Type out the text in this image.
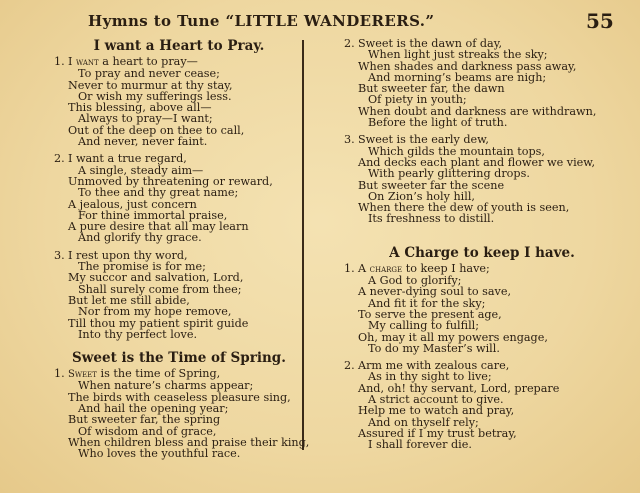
Hymns to Tune “LITTLE WANDERERS.”	55
I want a Heart to Pray.
1. I want a heart to pray—
To pray and never cease;
Never to murmur at thy stay,
Or wish my sufferings less.
This blessing, above all—
Always to pray—I want;
Out of the deep on thee to call,
And never, never faint.
2. I want a true regard,
A single, steady aim—
Unmoved by threatening or reward,
To thee and thy great name;
A jealous, just concern
For thine immortal praise,
A pure desire that all may learn
And glorify thy grace.
3. I rest upon thy word,
The promise is for me;
My succor and salvation, Lord,
Shall surely come from thee;
But let me still abide,
Nor from my hope remove,
Till thou my patient spirit guide
Into thy perfect love.
Sweet is the Time of Spring.
1. Sweet is the time of Spring,
When nature’s charms appear;
The birds with ceaseless pleasure sing,
And hail the opening year;
But sweeter far, the spring
Of wisdom and of grace,
When children bless and praise their king,
Who loves the youthful race.
2. Sweet is the dawn of day,
When light just streaks the sky;
When shades and darkness pass away,
And morning’s beams are nigh;
But sweeter far, the dawn
Of piety in youth;
When doubt and darkness are withdrawn,
Before the light of truth.
3. Sweet is the early dew,
Which gilds the mountain tops,
And decks each plant and flower we view,
With pearly glittering drops.
But sweeter far the scene
On Zion’s holy hill,
When there the dew of youth is seen,
Its freshness to distill.
A Charge to keep I have.
1. A charge to keep I have;
A God to glorify;
A never-dying soul to save,
And fit it for the sky;
To serve the present age,
My calling to fulfill;
Oh, may it all my powers engage,
To do my Master’s will.
2. Arm me with zealous care,
As in thy sight to live;
And, oh! thy servant, Lord, prepare
A strict account to give.
Help me to watch and pray,
And on thyself rely;
Assured if I my trust betray,
I shall forever die.
